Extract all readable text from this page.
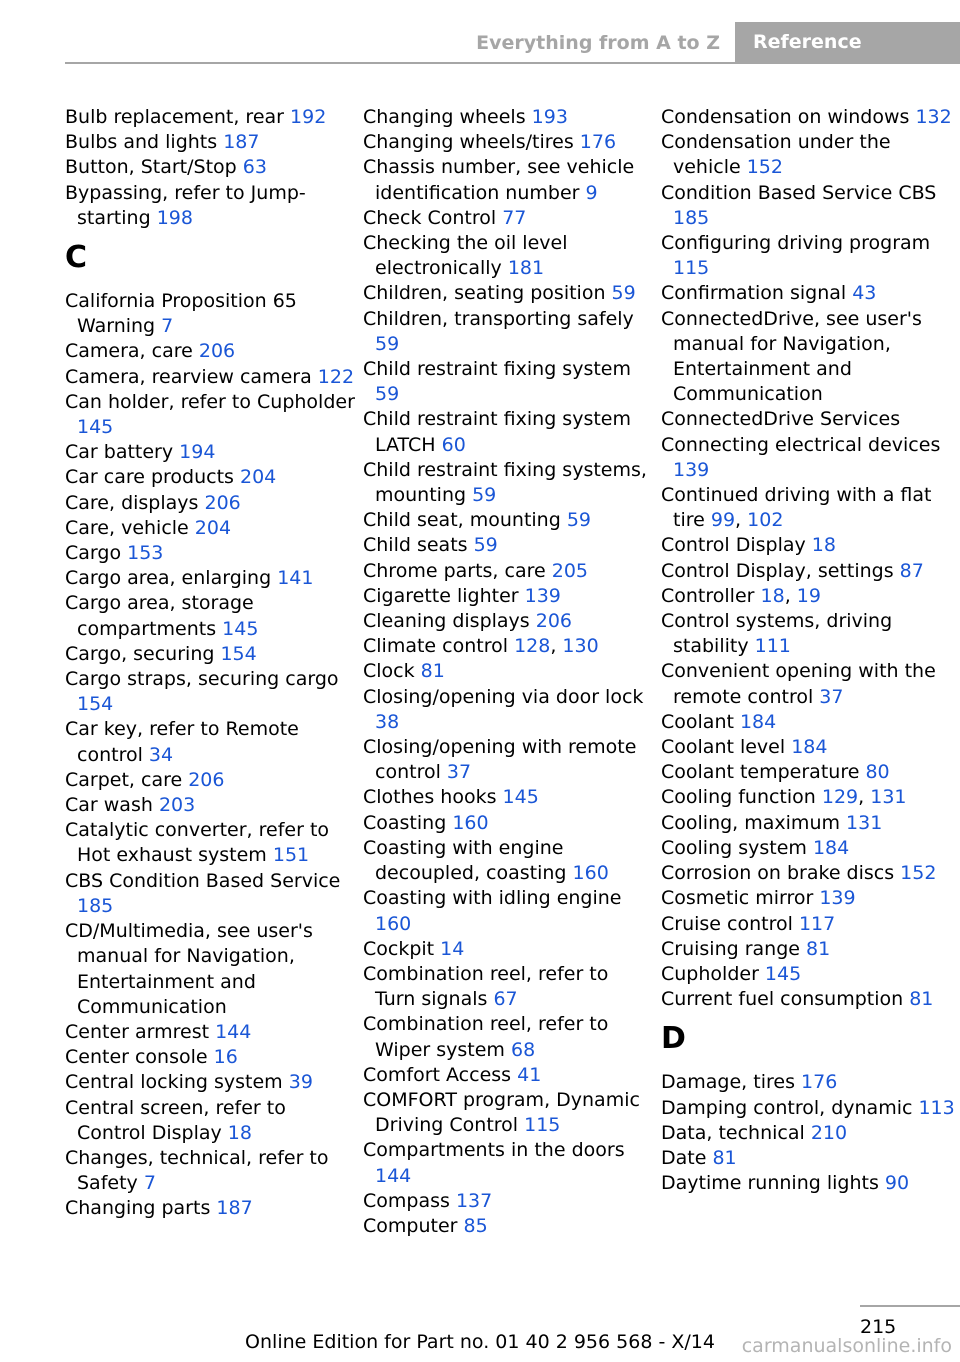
Everything from A to Z Reference
Bulb replacement, rear 192
Bulbs and lights 187
Button, Start/Stop 63
Bypassing, refer to Jump-starting 198
C
California Proposition 65 Warning 7
Camera, care 206
Camera, rearview camera 122
Can holder, refer to Cupholder 145
Car battery 194
Car care products 204
Care, displays 206
Care, vehicle 204
Cargo 153
Cargo area, enlarging 141
Cargo area, storage compartments 145
Cargo, securing 154
Cargo straps, securing cargo 154
Car key, refer to Remote control 34
Carpet, care 206
Car wash 203
Catalytic converter, refer to Hot exhaust system 151
CBS Condition Based Service 185
CD/Multimedia, see user's manual for Navigation, Entertainment and Communication
Center armrest 144
Center console 16
Central locking system 39
Central screen, refer to Control Display 18
Changes, technical, refer to Safety 7
Changing parts 187
Changing wheels 193
Changing wheels/tires 176
Chassis number, see vehicle identification number 9
Check Control 77
Checking the oil level electronically 181
Children, seating position 59
Children, transporting safely 59
Child restraint fixing system 59
Child restraint fixing system LATCH 60
Child restraint fixing systems, mounting 59
Child seat, mounting 59
Child seats 59
Chrome parts, care 205
Cigarette lighter 139
Cleaning displays 206
Climate control 128, 130
Clock 81
Closing/opening via door lock 38
Closing/opening with remote control 37
Clothes hooks 145
Coasting 160
Coasting with engine decoupled, coasting 160
Coasting with idling engine 160
Cockpit 14
Combination reel, refer to Turn signals 67
Combination reel, refer to Wiper system 68
Comfort Access 41
COMFORT program, Dynamic Driving Control 115
Compartments in the doors 144
Compass 137
Computer 85
Condensation on windows 132
Condensation under the vehicle 152
Condition Based Service CBS 185
Configuring driving program 115
Confirmation signal 43
ConnectedDrive, see user's manual for Navigation, Entertainment and Communication
ConnectedDrive Services
Connecting electrical devices 139
Continued driving with a flat tire 99, 102
Control Display 18
Control Display, settings 87
Controller 18, 19
Control systems, driving stability 111
Convenient opening with the remote control 37
Coolant 184
Coolant level 184
Coolant temperature 80
Cooling function 129, 131
Cooling, maximum 131
Cooling system 184
Corrosion on brake discs 152
Cosmetic mirror 139
Cruise control 117
Cruising range 81
Cupholder 145
Current fuel consumption 81
D
Damage, tires 176
Damping control, dynamic 113
Data, technical 210
Date 81
Daytime running lights 90
215
Online Edition for Part no. 01 40 2 956 568 - X/14	carmanualsonline.info
